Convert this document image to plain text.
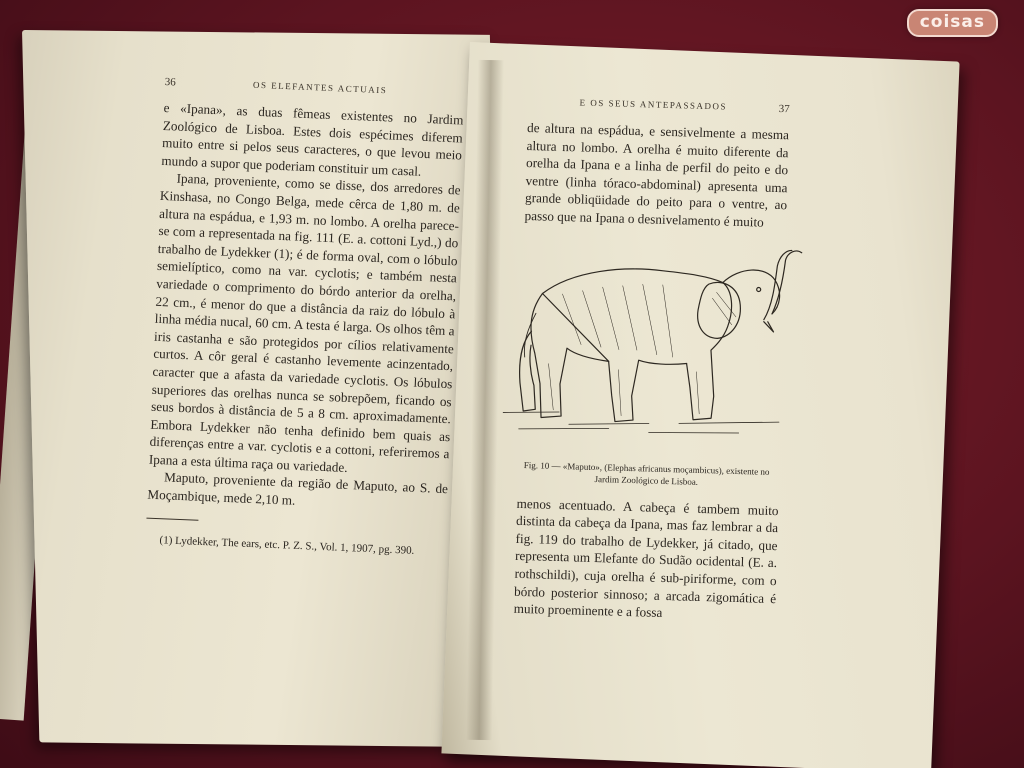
36	OS ELEFANTES ACTUAIS

e «Ipana», as duas fêmeas existentes no Jardim Zoológico de Lisboa. Estes dois espécimes diferem muito entre si pelos seus caracteres, o que levou meio mundo a supor que poderiam constituir um casal.

Ipana, proveniente, como se disse, dos arredores de Kinshasa, no Congo Belga, mede cêrca de 1,80 m. de altura na espádua, e 1,93 m. no lombo. A orelha parece-se com a representada na fig. 111 (E. a. cottoni Lyd.,) do trabalho de Lydekker (1); é de forma oval, com o lóbulo semielíptico, como na var. cyclotis; e também nesta variedade o comprimento do bórdo anterior da orelha, 22 cm., é menor do que a distância da raiz do lóbulo à linha média nucal, 60 cm. A testa é larga. Os olhos têm a iris castanha e são protegidos por cílios relativamente curtos. A côr geral é castanho levemente acinzentado, caracter que a afasta da variedade cyclotis. Os lóbulos superiores das orelhas nunca se sobrepõem, ficando os seus bordos à distância de 5 a 8 cm. aproximadamente. Embora Lydekker não tenha definido bem quais as diferenças entre a var. cyclotis e a cottoni, referiremos a Ipana a esta última raça ou variedade.

Maputo, proveniente da região de Maputo, ao S. de Moçambique, mede 2,10 m.

(1) Lydekker, The ears, etc. P. Z. S., Vol. 1, 1907, pg. 390.

E OS SEUS ANTEPASSADOS	37

de altura na espádua, e sensivelmente a mesma altura no lombo. A orelha é muito diferente da orelha da Ipana e a linha de perfil do peito e do ventre (linha tóraco-abdominal) apresenta uma grande obliqüidade do peito para o ventre, ao passo que na Ipana o desnivelamento é muito

Fig. 10 — «Maputo», (Elephas africanus moçambicus), existente no Jardim Zoológico de Lisboa.

menos acentuado. A cabeça é tambem muito distinta da cabeça da Ipana, mas faz lembrar a da fig. 119 do trabalho de Lydekker, já citado, que representa um Elefante do Sudão ocidental (E. a. rothschildi), cuja orelha é sub-piriforme, com o bórdo posterior sinnoso; a arcada zigomática é muito proeminente e a fossa

coisas
